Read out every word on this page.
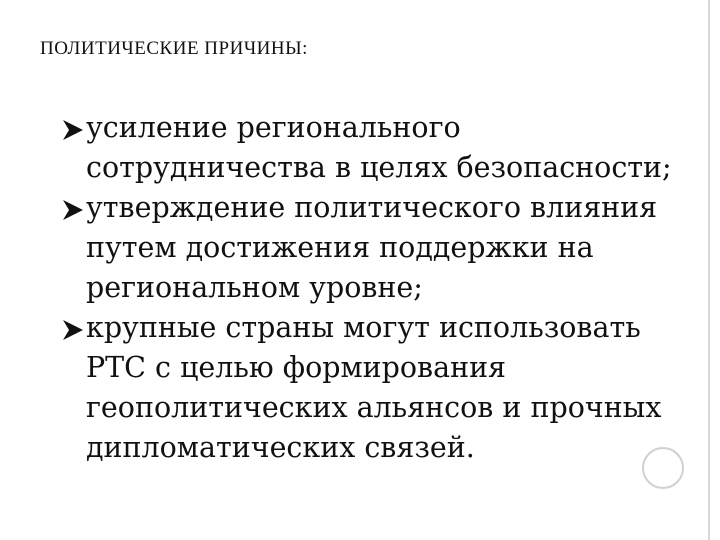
ПОЛИТИЧЕСКИЕ ПРИЧИНЫ:
усиление регионального
сотрудничества в целях безопасности;
утверждение политического влияния
путем достижения поддержки на
региональном уровне;
крупные страны могут использовать
РТС с целью формирования
геополитических альянсов и прочных
дипломатических связей.
